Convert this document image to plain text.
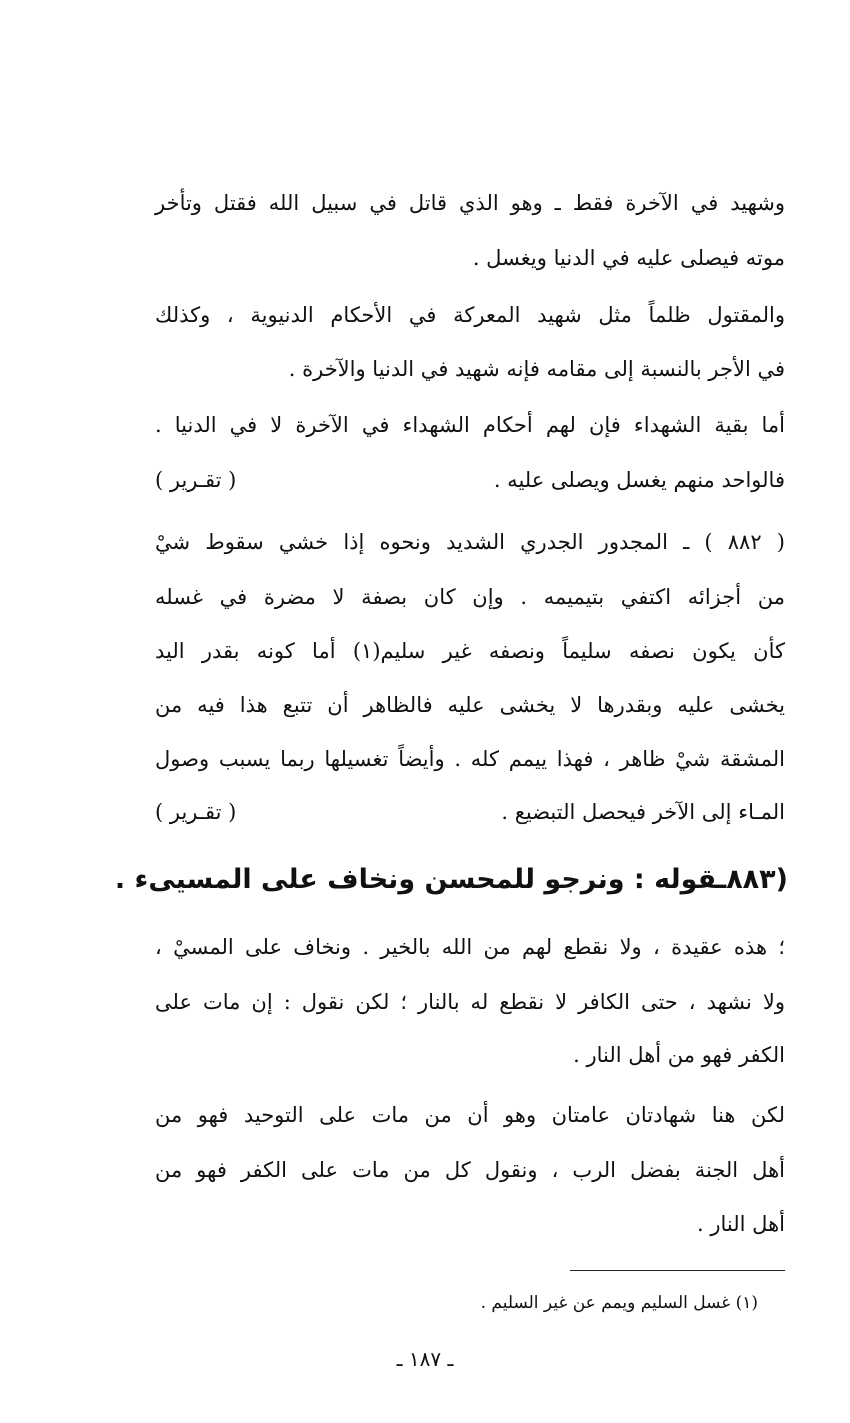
وشهيد في الآخرة فقط ـ وهو الذي قاتل في سبيل الله فقتل وتأخر
موته فيصلى عليه في الدنيا ويغسل .
والمقتول ظلماً مثل شهيد المعركة في الأحكام الدنيوية ، وكذلك
في الأجر بالنسبة إلى مقامه فإنه شهيد في الدنيا والآخرة .
أما بقية الشهداء فإن لهم أحكام الشهداء في الآخرة لا في الدنيا .
فالواحد منهم يغسل ويصلى عليه .
( تقـرير )
( ٨٨٢ ) ـ المجدور الجدري الشديد ونحوه إذا خشي سقوط شيْ
من أجزائه اكتفي بتيميمه . وإن كان بصفة لا مضرة في غسله
كأن يكون نصفه سليماً ونصفه غير سليم(١) أما كونه بقدر اليد
يخشى عليه وبقدرها لا يخشى عليه فالظاهر أن تتبع هذا فيه من
المشقة شيْ ظاهر ، فهذا ييمم كله . وأيضاً تغسيلها ربما يسبب وصول
المـاء إلى الآخر فيحصل التبضيع .
( تقـرير )
(٨٨٣ـقوله : ونرجو للمحسن ونخاف على المسيىء .
؛ هذه عقيدة ، ولا نقطع لهم من الله بالخير . ونخاف على المسيْ ،
ولا نشهد ، حتى الكافر لا نقطع له بالنار ؛ لكن نقول : إن مات على
الكفر فهو من أهل النار .
لكن هنا شهادتان عامتان وهو أن من مات على التوحيد فهو من
أهل الجنة بفضل الرب ، ونقول كل من مات على الكفر فهو من
أهل النار .
(١) غسل السليم ويمم عن غير السليم .
ـ ١٨٧ ـ
